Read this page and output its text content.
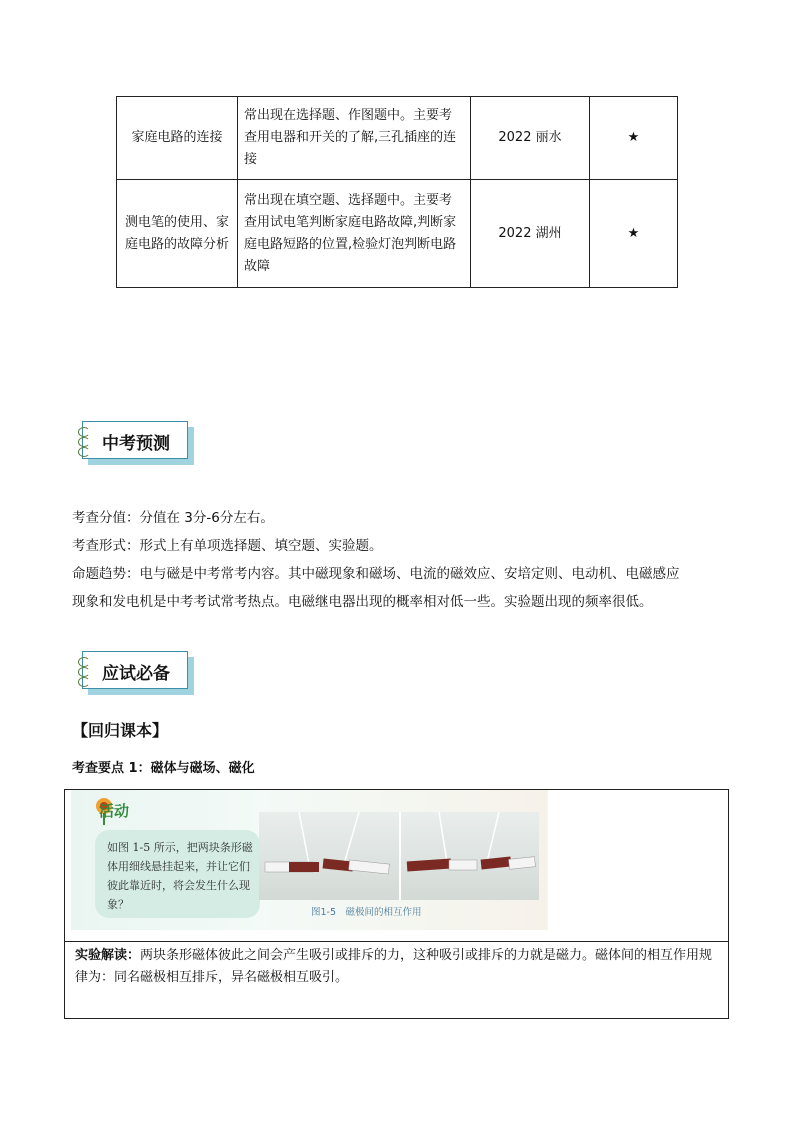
家庭电路的连接	常出现在选择题、作图题中。主要考查用电器和开关的了解,三孔插座的连接	2022 丽水	★
测电笔的使用、家庭电路的故障分析	常出现在填空题、选择题中。主要考查用试电笔判断家庭电路故障,判断家庭电路短路的位置,检验灯泡判断电路故障	2022 湖州	★
中考预测
考查分值：分值在 3分-6分左右。
考查形式：形式上有单项选择题、填空题、实验题。
命题趋势：电与磁是中考常考内容。其中磁现象和磁场、电流的磁效应、安培定则、电动机、电磁感应
现象和发电机是中考考试常考热点。电磁继电器出现的概率相对低一些。实验题出现的频率很低。
应试必备
【回归课本】
考查要点 1：磁体与磁场、磁化
活动
如图 1-5 所示，把两块条形磁体用细线悬挂起来，并让它们彼此靠近时，将会发生什么现象？
图1-5　磁极间的相互作用
实验解读：两块条形磁体彼此之间会产生吸引或排斥的力，这种吸引或排斥的力就是磁力。磁体间的相互作用规律为：同名磁极相互排斥，异名磁极相互吸引。
